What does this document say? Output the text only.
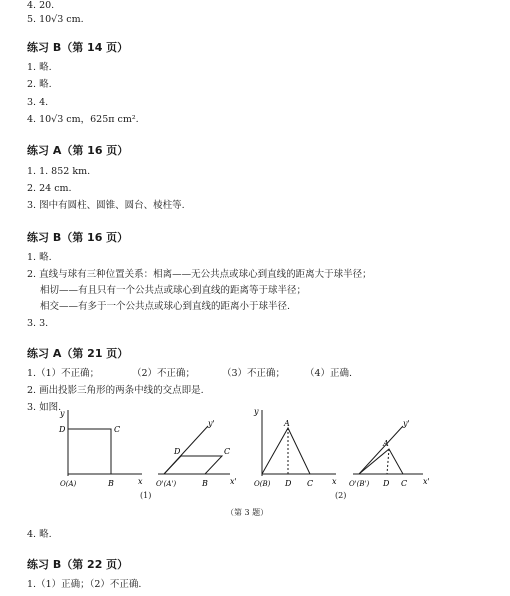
4. 20.
5. 10√3 cm.
练习 B（第 14 页）
1. 略.
2. 略.
3. 4.
4. 10√3 cm，625π cm².
练习 A（第 16 页）
1. 1. 852 km.
2. 24 cm.
3. 图中有圆柱、圆锥、圆台、棱柱等.
练习 B（第 16 页）
1. 略.
2. 直线与球有三种位置关系：相离——无公共点或球心到直线的距离大于球半径；
相切——有且只有一个公共点或球心到直线的距离等于球半径；
相交——有多于一个公共点或球心到直线的距离小于球半径.
3. 3.
练习 A（第 21 页）
1.（1）不正确；	（2）不正确；	（3）不正确； （4）正确.
2. 画出投影三角形的两条中线的交点即是.
3. 如图.
x
y
D	C
O(A)	B	x'
y'
D	C
O'(A')	B	x
y
A
O(B) D C	x'
y'
A
O'(B') D C
(1)	(2)
（第 3 题）
4. 略.
练习 B（第 22 页）
1.（1）正确；（2）不正确.
